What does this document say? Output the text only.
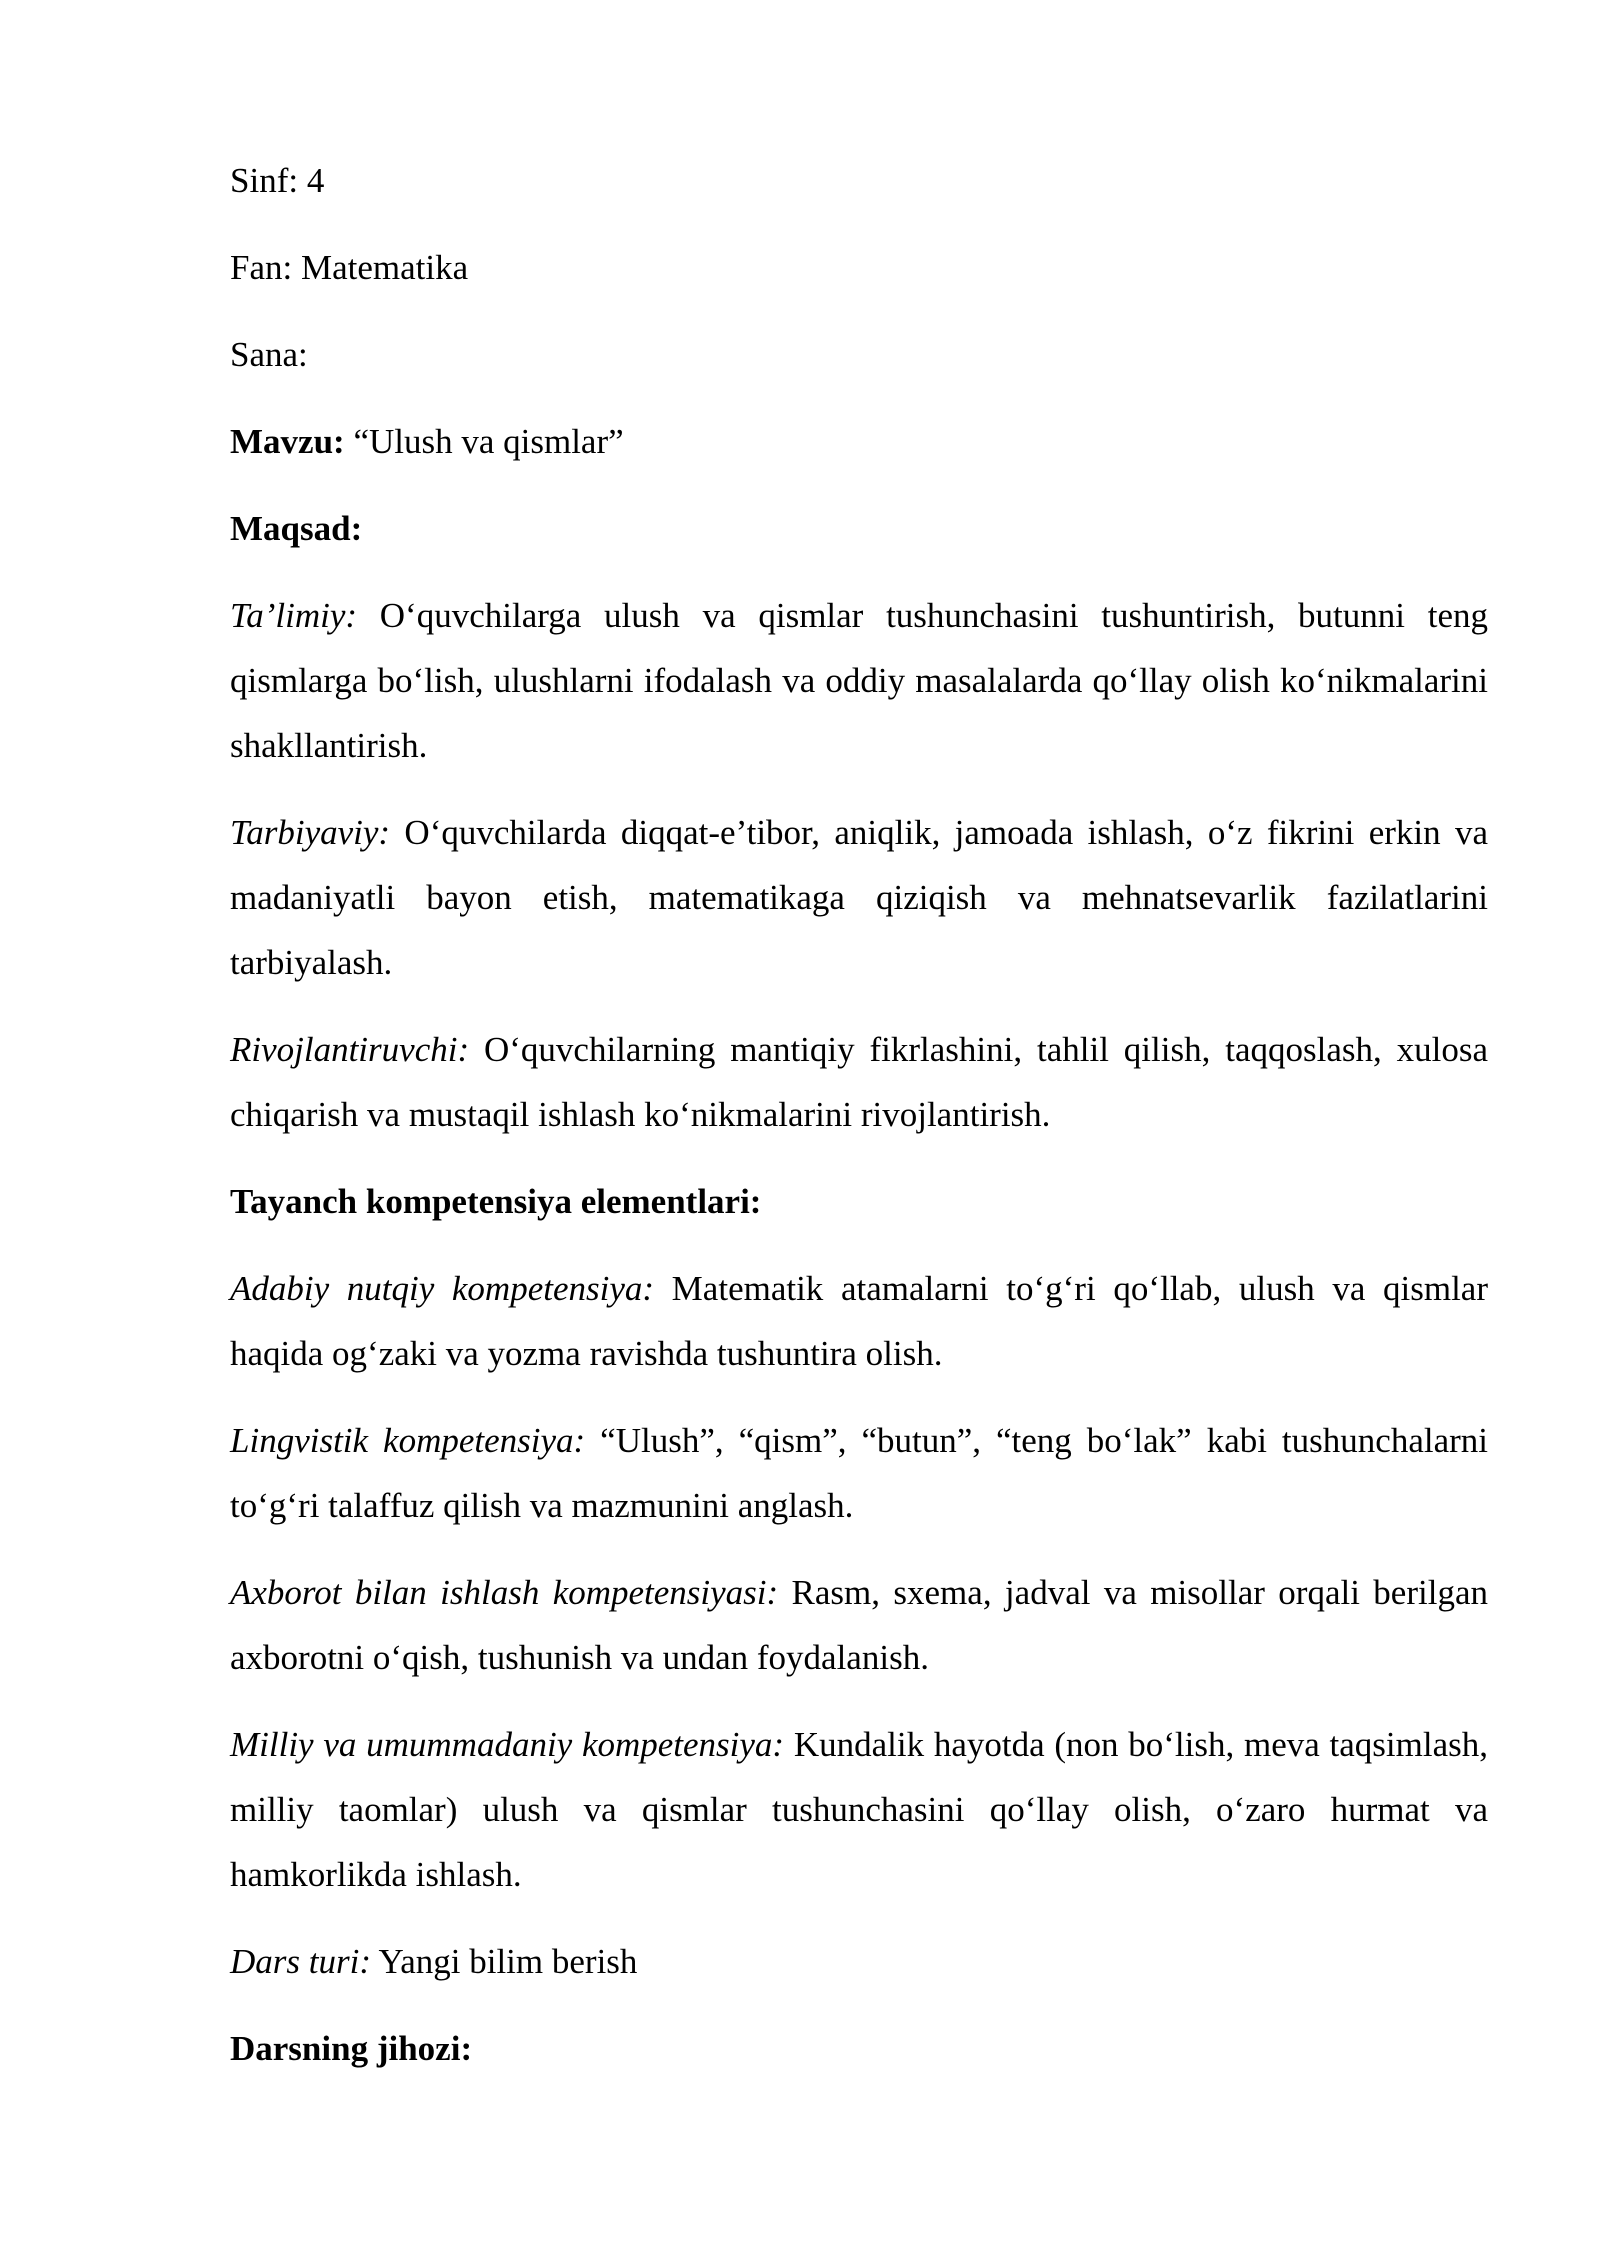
Sinf: 4

Fan: Matematika

Sana:

Mavzu: “Ulush va qismlar”

Maqsad:

Ta’limiy: O‘quvchilarga ulush va qismlar tushunchasini tushuntirish, butunni teng qismlarga bo‘lish, ulushlarni ifodalash va oddiy masalalarda qo‘llay olish ko‘nikmalarini shakllantirish.

Tarbiyaviy: O‘quvchilarda diqqat-e’tibor, aniqlik, jamoada ishlash, o‘z fikrini erkin va madaniyatli bayon etish, matematikaga qiziqish va mehnatsevarlik fazilatlarini tarbiyalash.

Rivojlantiruvchi: O‘quvchilarning mantiqiy fikrlashini, tahlil qilish, taqqoslash, xulosa chiqarish va mustaqil ishlash ko‘nikmalarini rivojlantirish.

Tayanch kompetensiya elementlari:

Adabiy nutqiy kompetensiya: Matematik atamalarni to‘g‘ri qo‘llab, ulush va qismlar haqida og‘zaki va yozma ravishda tushuntira olish.

Lingvistik kompetensiya: “Ulush”, “qism”, “butun”, “teng bo‘lak” kabi tushunchalarni to‘g‘ri talaffuz qilish va mazmunini anglash.

Axborot bilan ishlash kompetensiyasi: Rasm, sxema, jadval va misollar orqali berilgan axborotni o‘qish, tushunish va undan foydalanish.

Milliy va umummadaniy kompetensiya: Kundalik hayotda (non bo‘lish, meva taqsimlash, milliy taomlar) ulush va qismlar tushunchasini qo‘llay olish, o‘zaro hurmat va hamkorlikda ishlash.

Dars turi: Yangi bilim berish

Darsning jihozi:
